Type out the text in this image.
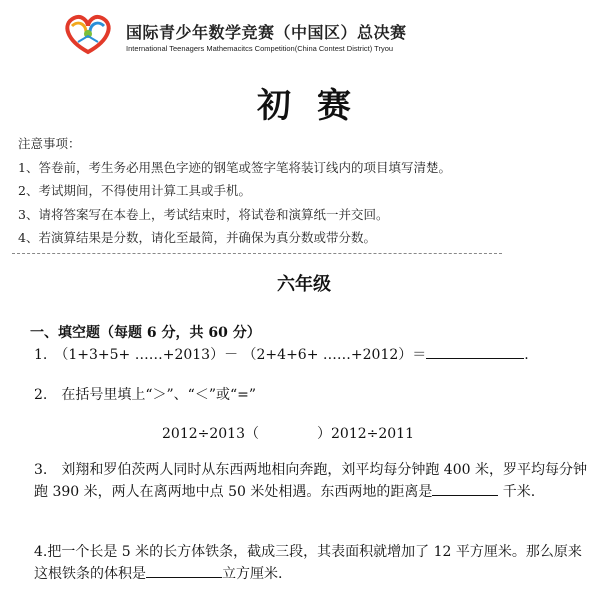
国际青少年数学竞赛（中国区）总决赛
International Teenagers Mathemacitcs Competition(China Contest District) Tryou
初赛
注意事项：
1、答卷前，考生务必用黑色字迹的钢笔或签字笔将装订线内的项目填写清楚。
2、考试期间，不得使用计算工具或手机。
3、请将答案写在本卷上，考试结束时，将试卷和演算纸一并交回。
4、若演算结果是分数，请化至最简，并确保为真分数或带分数。
六年级
一、填空题（每题 6 分，共 60 分）
1.　（1+3+5+ ……+2013）－ （2+4+6+ ……+2012）＝	.
2.　在括号里填上“＞”、“＜”或“=”
2012÷2013（	）2012÷2011
3.　刘翔和罗伯茨两人同时从东西两地相向奔跑，刘平均每分钟跑 400 米，罗平均每分钟跑 390 米，两人在离两地中点 50 米处相遇。东西两地的距离是	千米.
4.把一个长是 5 米的长方体铁条，截成三段，其表面积就增加了 12 平方厘米。那么原来这根铁条的体积是	立方厘米.
